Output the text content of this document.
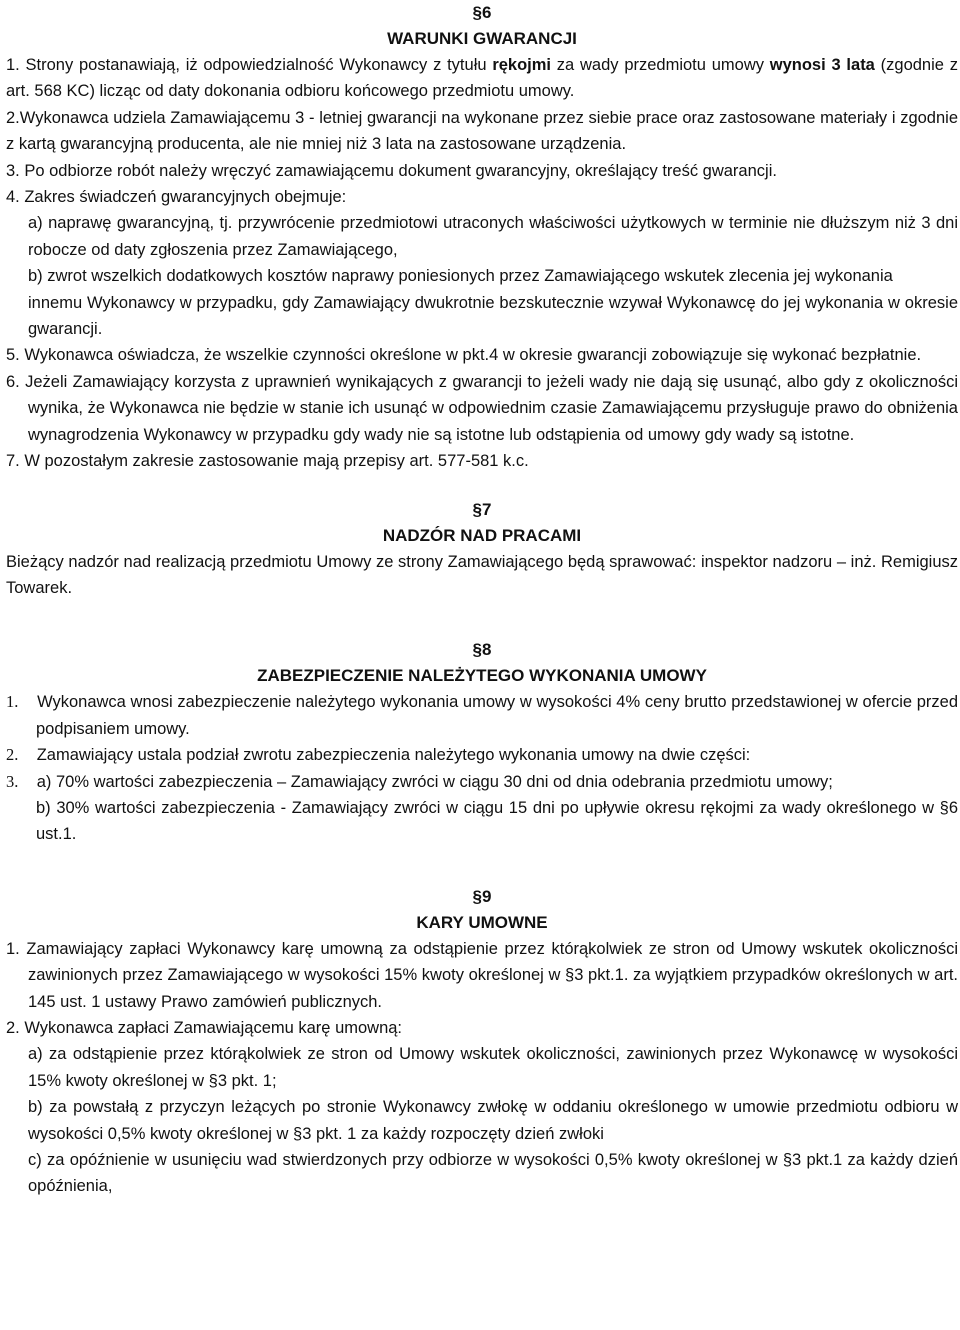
§6
WARUNKI GWARANCJI
1. Strony postanawiają, iż odpowiedzialność Wykonawcy z tytułu rękojmi za wady przedmiotu umowy wynosi 3 lata (zgodnie z art. 568 KC) licząc od daty dokonania odbioru końcowego przedmiotu umowy.
2.Wykonawca udziela Zamawiającemu 3 - letniej gwarancji na wykonane przez siebie prace oraz zastosowane materiały i zgodnie z kartą gwarancyjną producenta, ale nie mniej niż 3 lata na zastosowane urządzenia.
3. Po odbiorze robót należy wręczyć zamawiającemu dokument gwarancyjny, określający treść gwarancji.
4. Zakres świadczeń gwarancyjnych obejmuje:
a) naprawę gwarancyjną, tj. przywrócenie przedmiotowi utraconych właściwości użytkowych w terminie nie dłuższym niż 3 dni robocze od daty zgłoszenia przez Zamawiającego,
b) zwrot wszelkich dodatkowych kosztów naprawy poniesionych przez Zamawiającego wskutek zlecenia jej wykonania
innemu Wykonawcy w przypadku, gdy Zamawiający dwukrotnie bezskutecznie wzywał Wykonawcę do jej wykonania w okresie gwarancji.
5. Wykonawca oświadcza, że wszelkie czynności określone w pkt.4 w okresie gwarancji zobowiązuje się wykonać bezpłatnie.
6. Jeżeli Zamawiający korzysta z uprawnień wynikających z gwarancji to jeżeli wady nie dają się usunąć, albo gdy z okoliczności wynika, że Wykonawca nie będzie w stanie ich usunąć w odpowiednim czasie Zamawiającemu przysługuje prawo do obniżenia wynagrodzenia Wykonawcy w przypadku gdy wady nie są istotne lub odstąpienia od umowy gdy wady są istotne.
7. W pozostałym zakresie zastosowanie mają przepisy art. 577-581 k.c.
§7
NADZÓR NAD PRACAMI
Bieżący nadzór nad realizacją przedmiotu Umowy ze strony Zamawiającego będą sprawować: inspektor nadzoru – inż. Remigiusz Towarek.
§8
ZABEZPIECZENIE NALEŻYTEGO WYKONANIA UMOWY
1. Wykonawca wnosi zabezpieczenie należytego wykonania umowy w wysokości 4% ceny brutto przedstawionej w ofercie przed podpisaniem umowy.
2. Zamawiający ustala podział zwrotu zabezpieczenia należytego wykonania umowy na dwie części:
3. a) 70% wartości zabezpieczenia – Zamawiający zwróci w ciągu 30 dni od dnia odebrania przedmiotu umowy;
b) 30% wartości zabezpieczenia - Zamawiający zwróci w ciągu 15 dni po upływie okresu rękojmi za wady określonego w §6 ust.1.
§9
KARY UMOWNE
1. Zamawiający zapłaci Wykonawcy karę umowną za odstąpienie przez którąkolwiek ze stron od Umowy wskutek okoliczności zawinionych przez Zamawiającego w wysokości 15% kwoty określonej w §3 pkt.1. za wyjątkiem przypadków określonych w art. 145 ust. 1 ustawy Prawo zamówień publicznych.
2. Wykonawca zapłaci Zamawiającemu karę umowną:
a) za odstąpienie przez którąkolwiek ze stron od Umowy wskutek okoliczności, zawinionych przez Wykonawcę w wysokości 15% kwoty określonej w §3 pkt. 1;
b) za powstałą z przyczyn leżących po stronie Wykonawcy zwłokę w oddaniu określonego w umowie przedmiotu odbioru w wysokości 0,5% kwoty określonej w §3 pkt. 1 za każdy rozpoczęty dzień zwłoki
c) za opóźnienie w usunięciu wad stwierdzonych przy odbiorze w wysokości 0,5% kwoty określonej w §3 pkt.1 za każdy dzień opóźnienia,
